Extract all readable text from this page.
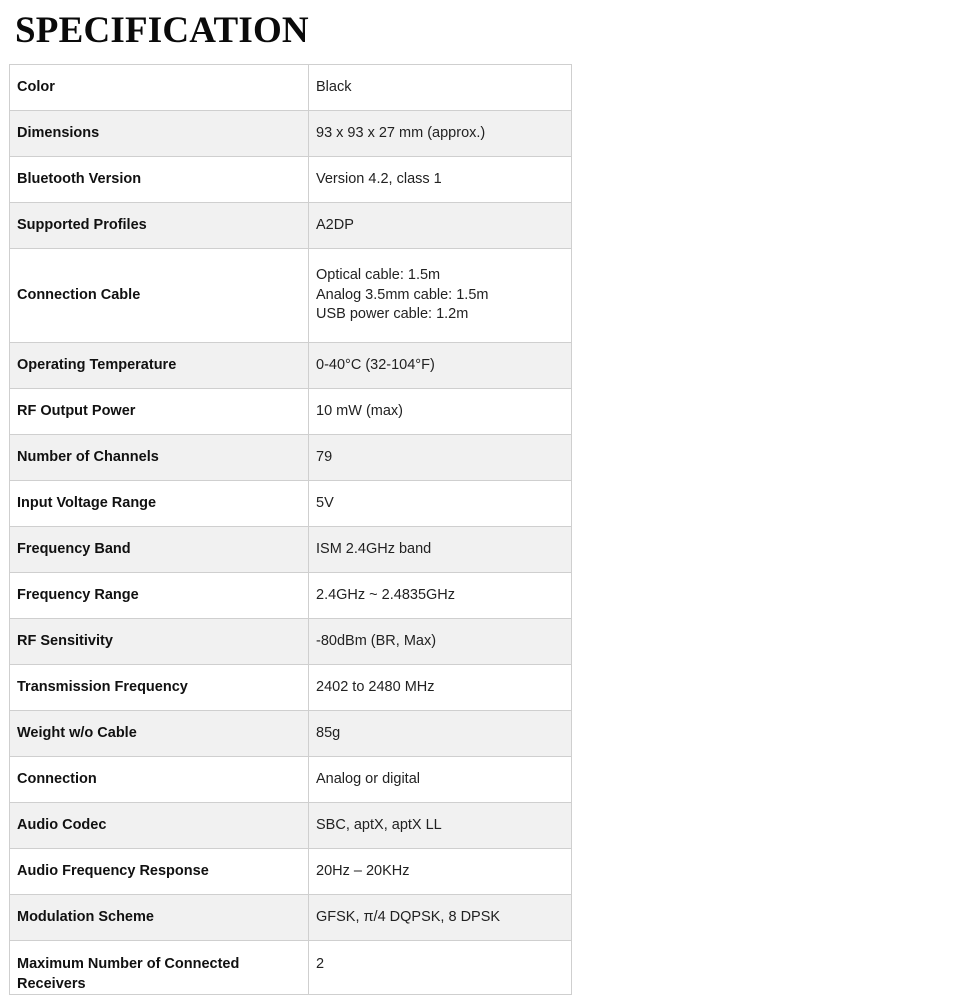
SPECIFICATION
Color	Black
Dimensions	93 x 93 x 27 mm (approx.)
Bluetooth Version	Version 4.2, class 1
Supported Profiles	A2DP
Connection Cable	Optical cable: 1.5m
Analog 3.5mm cable: 1.5m
USB power cable: 1.2m
Operating Temperature	0-40°C (32-104°F)
RF Output Power	10 mW (max)
Number of Channels	79
Input Voltage Range	5V
Frequency Band	ISM 2.4GHz band
Frequency Range	2.4GHz ~ 2.4835GHz
RF Sensitivity	-80dBm (BR, Max)
Transmission Frequency	2402 to 2480 MHz
Weight w/o Cable	85g
Connection	Analog or digital
Audio Codec	SBC, aptX, aptX LL
Audio Frequency Response	20Hz – 20KHz
Modulation Scheme	GFSK, π/4 DQPSK, 8 DPSK
Maximum Number of Connected Receivers	2
